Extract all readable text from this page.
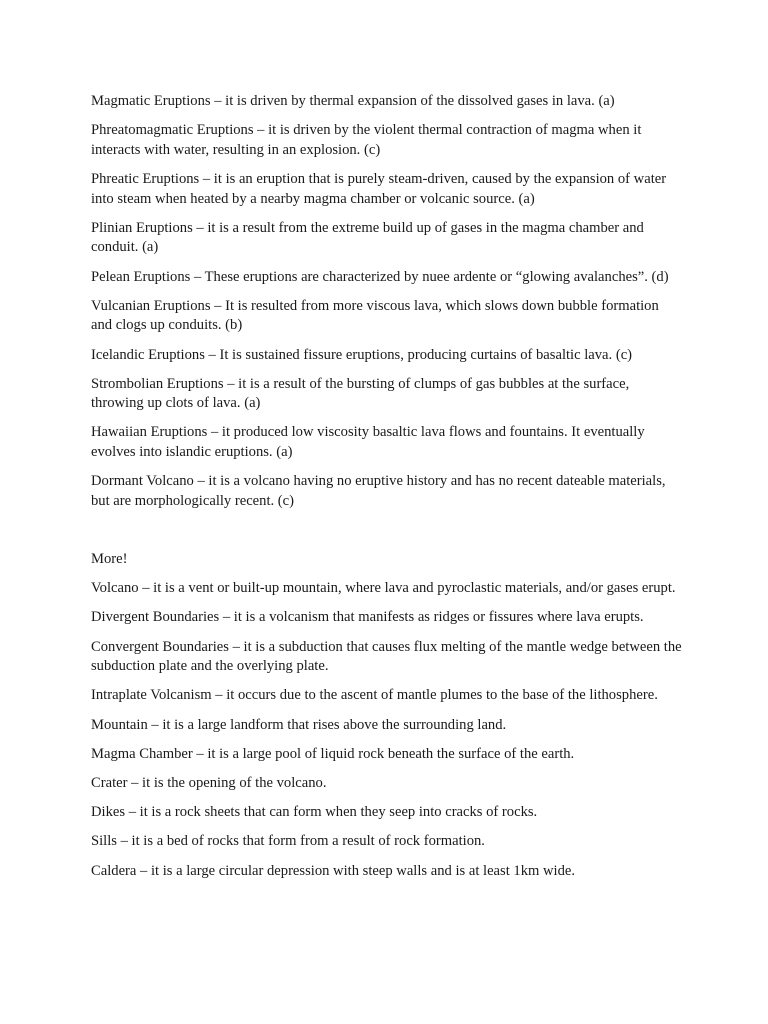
Magmatic Eruptions – it is driven by thermal expansion of the dissolved gases in lava. (a)

Phreatomagmatic Eruptions – it is driven by the violent thermal contraction of magma when it interacts with water, resulting in an explosion. (c)

Phreatic Eruptions – it is an eruption that is purely steam-driven, caused by the expansion of water into steam when heated by a nearby magma chamber or volcanic source. (a)

Plinian Eruptions – it is a result from the extreme build up of gases in the magma chamber and conduit. (a)

Pelean Eruptions – These eruptions are characterized by nuee ardente or “glowing avalanches”. (d)

Vulcanian Eruptions – It is resulted from more viscous lava, which slows down bubble formation and clogs up conduits. (b)

Icelandic Eruptions – It is sustained fissure eruptions, producing curtains of basaltic lava. (c)

Strombolian Eruptions – it is a result of the bursting of clumps of gas bubbles at the surface, throwing up clots of lava. (a)

Hawaiian Eruptions – it produced low viscosity basaltic lava flows and fountains. It eventually evolves into islandic eruptions. (a)

Dormant Volcano – it is a volcano having no eruptive history and has no recent dateable materials, but are morphologically recent. (c)

More!

Volcano – it is a vent or built-up mountain, where lava and pyroclastic materials, and/or gases erupt.

Divergent Boundaries – it is a volcanism that manifests as ridges or fissures where lava erupts.

Convergent Boundaries – it is a subduction that causes flux melting of the mantle wedge between the subduction plate and the overlying plate.

Intraplate Volcanism – it occurs due to the ascent of mantle plumes to the base of the lithosphere.

Mountain – it is a large landform that rises above the surrounding land.

Magma Chamber – it is a large pool of liquid rock beneath the surface of the earth.

Crater – it is the opening of the volcano.

Dikes – it is a rock sheets that can form when they seep into cracks of rocks.

Sills – it is a bed of rocks that form from a result of rock formation.

Caldera – it is a large circular depression with steep walls and is at least 1km wide.
